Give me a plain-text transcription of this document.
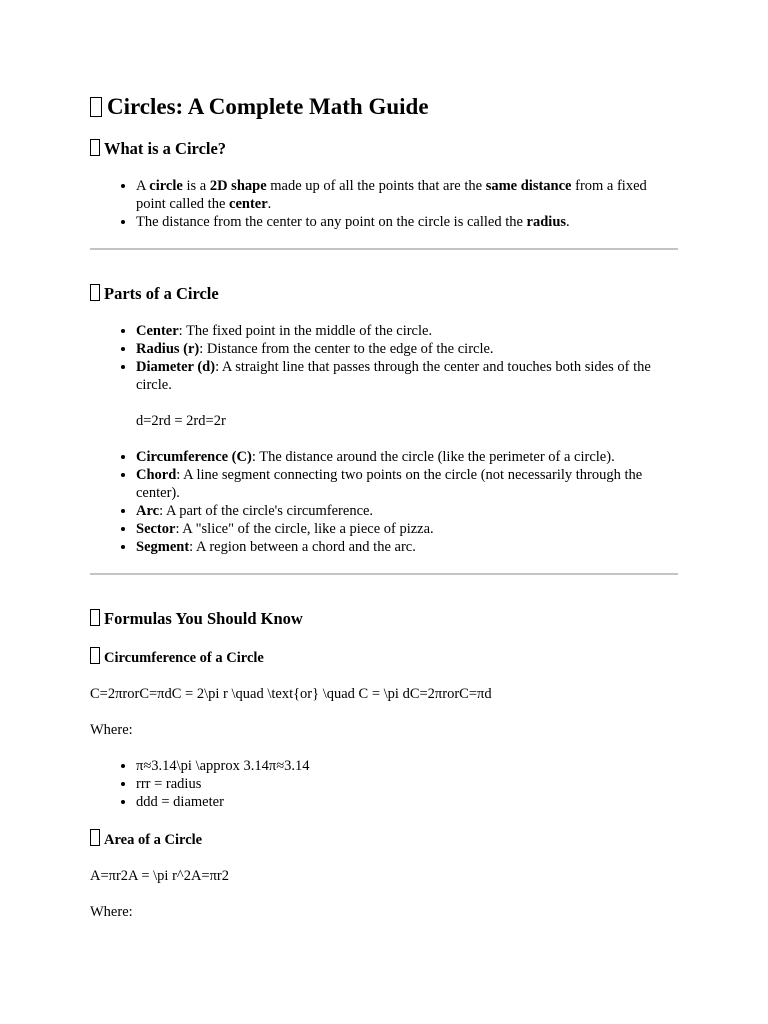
Circles: A Complete Math Guide
What is a Circle?
• A circle is a 2D shape made up of all the points that are the same distance from a fixed point called the center.
• The distance from the center to any point on the circle is called the radius.
Parts of a Circle
• Center: The fixed point in the middle of the circle.
• Radius (r): Distance from the center to the edge of the circle.
• Diameter (d): A straight line that passes through the center and touches both sides of the circle.
d=2rd = 2rd=2r
• Circumference (C): The distance around the circle (like the perimeter of a circle).
• Chord: A line segment connecting two points on the circle (not necessarily through the center).
• Arc: A part of the circle's circumference.
• Sector: A "slice" of the circle, like a piece of pizza.
• Segment: A region between a chord and the arc.
Formulas You Should Know
Circumference of a Circle

C=2πrorC=πdC = 2\pi r \quad \text{or} \quad C = \pi dC=2πrorC=πd

Where:

• π≈3.14\pi \approx 3.14π≈3.14
• rrr = radius
• ddd = diameter
Area of a Circle

A=πr2A = \pi r^2A=πr2

Where:
